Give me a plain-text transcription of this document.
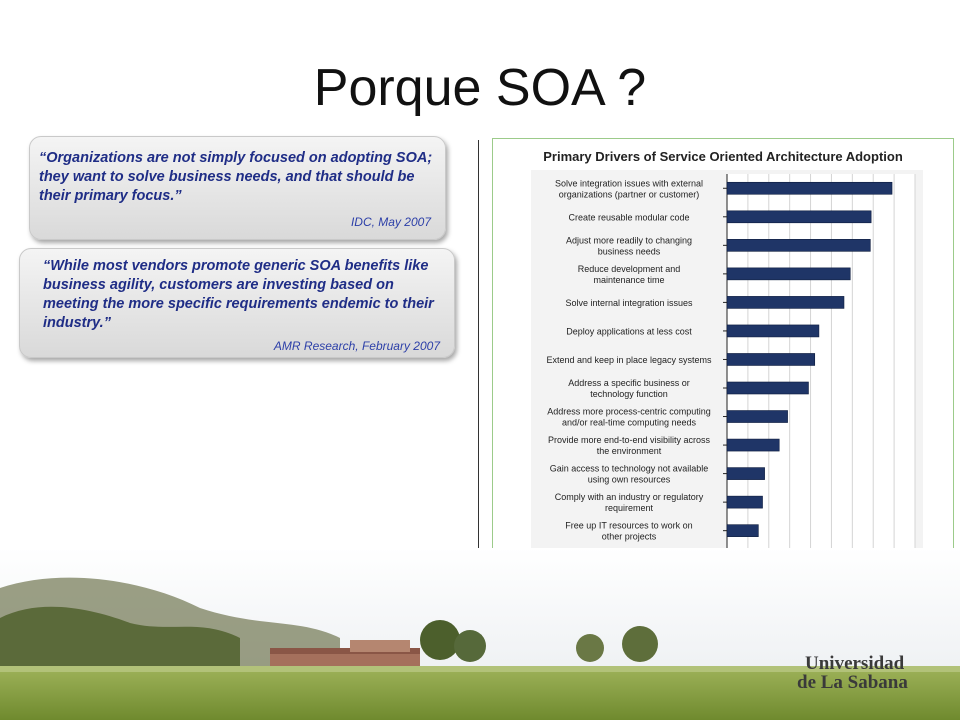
Porque SOA ?
“Organizations are not simply focused on adopting SOA; they want to solve business needs, and that should be their primary focus.”
IDC, May 2007
“While most vendors promote generic SOA benefits like business agility, customers are investing based on meeting the more specific requirements endemic to their industry.”
AMR Research, February 2007
Primary Drivers of Service Oriented Architecture Adoption
Solve integration issues with external organizations (partner or customer)
Create reusable modular code
Adjust more readily to changing business needs
Reduce development and maintenance time
Solve internal integration issues
Deploy applications at less cost
Extend and keep in place legacy systems
Address a specific business or technology function
Address more process-centric computing and/or real-time computing needs
Provide more end-to-end visibility across the environment
Gain access to technology not available using own resources
Comply with an industry or regulatory requirement
Free up IT resources to work on other projects
Universidad
de La Sabana
